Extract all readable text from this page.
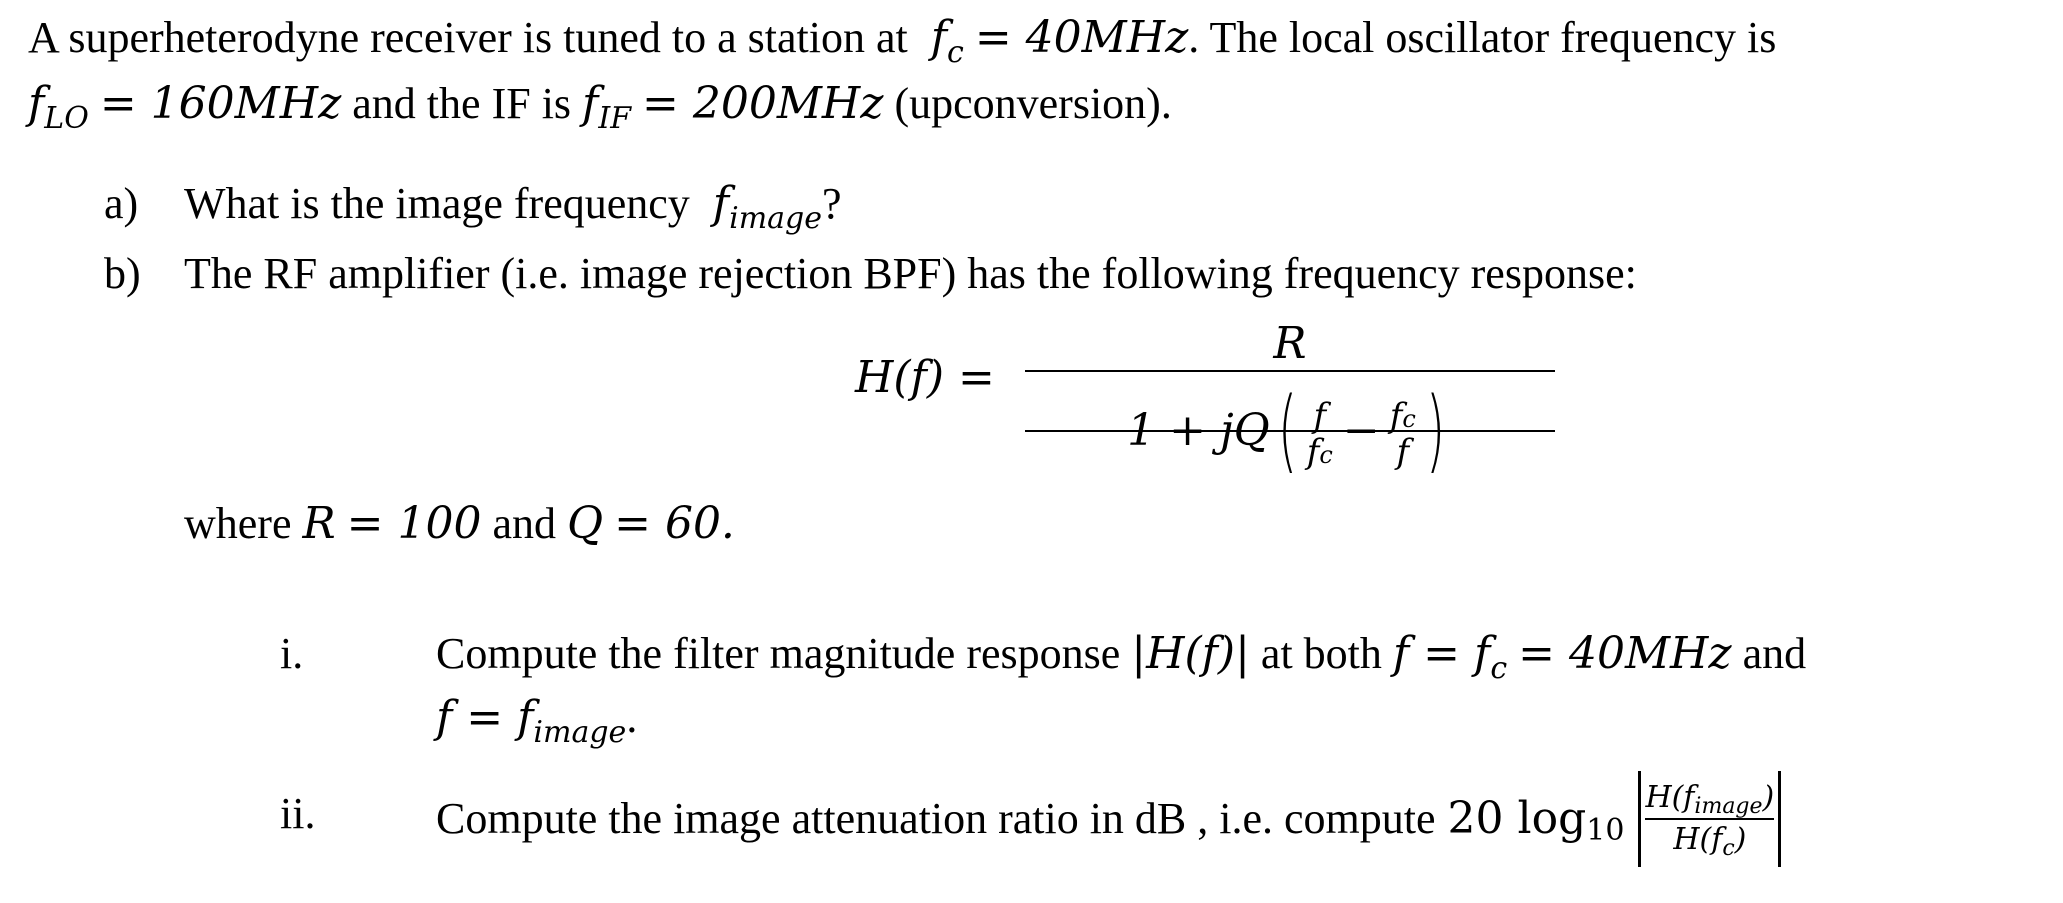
A superheterodyne receiver is tuned to a station at $f_c = 40MHz$. The local oscillator frequency is
$f_{LO} = 160MHz$ and the IF is $f_{IF} = 200MHz$ (upconversion).
a) What is the image frequency $f_{image}$?
b) The RF amplifier (i.e. image rejection BPF) has the following frequency response:
H(f) =
R
$1 + jQ( \frac{f}{fc} - \frac{fc}{f}$ )
where R = 100 and Q = 60.
i.	Compute the filter magnitude response |H(f)| at both $f = f_c = 40MHz$ and
$f = f_{image}$.
ii.	Compute the image attenuation ratio in dB , i.e. compute 20 $\log 10 \frac{H(f_{image})}{H(f_c)}$
